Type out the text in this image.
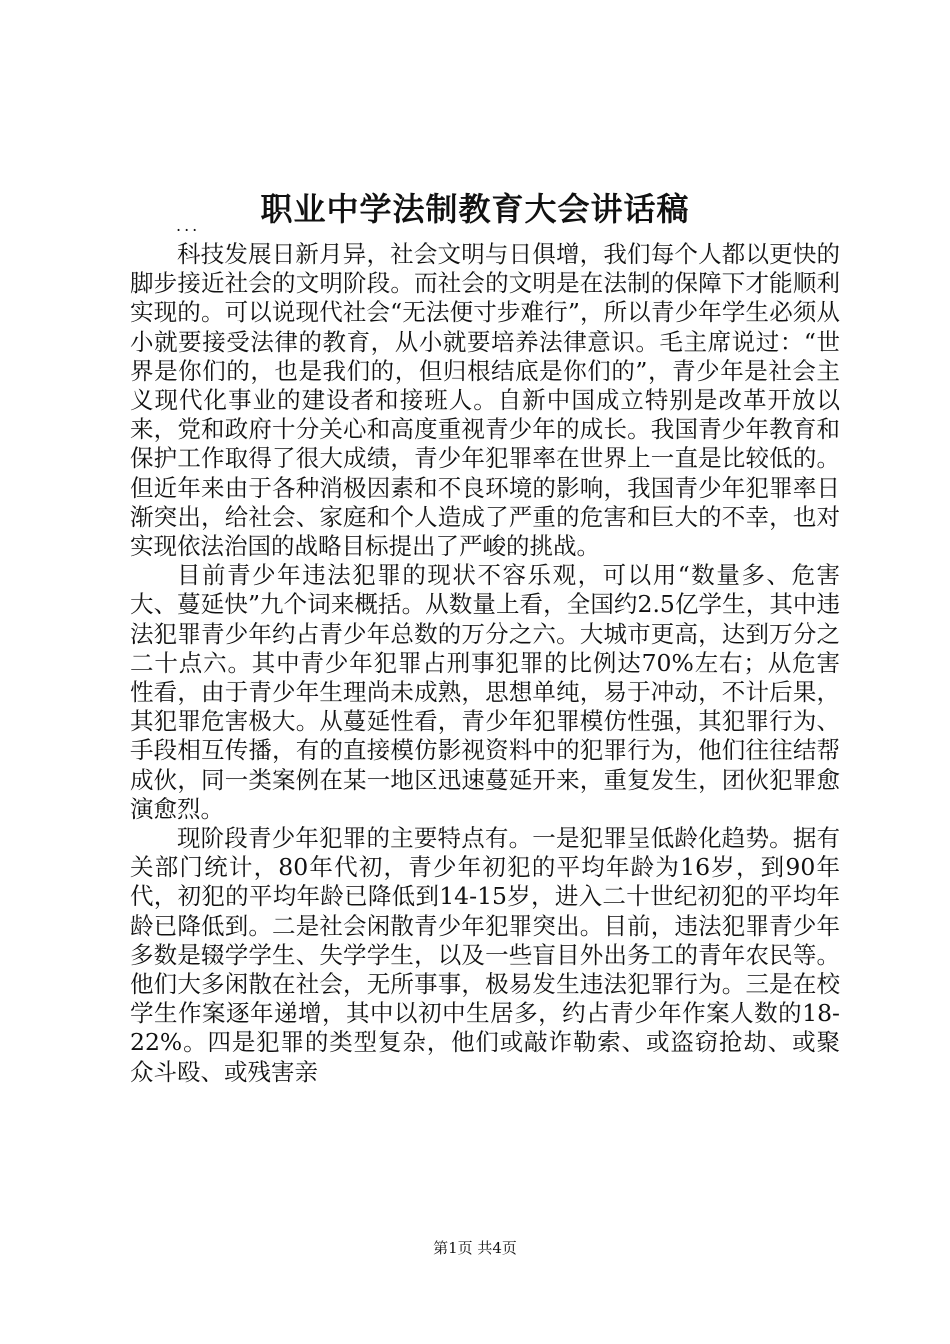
职业中学法制教育大会讲话稿
...

科技发展日新月异，社会文明与日俱增，我们每个人都以更快的脚步接近社会的文明阶段。而社会的文明是在法制的保障下才能顺利实现的。可以说现代社会“无法便寸步难行”，所以青少年学生必须从小就要接受法律的教育，从小就要培养法律意识。毛主席说过：“世界是你们的，也是我们的，但归根结底是你们的”，青少年是社会主义现代化事业的建设者和接班人。自新中国成立特别是改革开放以来，党和政府十分关心和高度重视青少年的成长。我国青少年教育和保护工作取得了很大成绩，青少年犯罪率在世界上一直是比较低的。但近年来由于各种消极因素和不良环境的影响，我国青少年犯罪率日渐突出，给社会、家庭和个人造成了严重的危害和巨大的不幸，也对实现依法治国的战略目标提出了严峻的挑战。

目前青少年违法犯罪的现状不容乐观，可以用“数量多、危害大、蔓延快”九个词来概括。从数量上看，全国约2.5亿学生，其中违法犯罪青少年约占青少年总数的万分之六。大城市更高，达到万分之二十点六。其中青少年犯罪占刑事犯罪的比例达70%左右；从危害性看，由于青少年生理尚未成熟，思想单纯，易于冲动，不计后果，其犯罪危害极大。从蔓延性看，青少年犯罪模仿性强，其犯罪行为、手段相互传播，有的直接模仿影视资料中的犯罪行为，他们往往结帮成伙，同一类案例在某一地区迅速蔓延开来，重复发生，团伙犯罪愈演愈烈。

现阶段青少年犯罪的主要特点有。一是犯罪呈低龄化趋势。据有关部门统计，80年代初，青少年初犯的平均年龄为16岁，到90年代，初犯的平均年龄已降低到14-15岁，进入二十世纪初犯的平均年龄已降低到。二是社会闲散青少年犯罪突出。目前，违法犯罪青少年多数是辍学学生、失学学生，以及一些盲目外出务工的青年农民等。他们大多闲散在社会，无所事事，极易发生违法犯罪行为。三是在校学生作案逐年递增，其中以初中生居多，约占青少年作案人数的18-22%。四是犯罪的类型复杂，他们或敲诈勒索、或盗窃抢劫、或聚众斗殴、或残害亲

第1页 共4页
